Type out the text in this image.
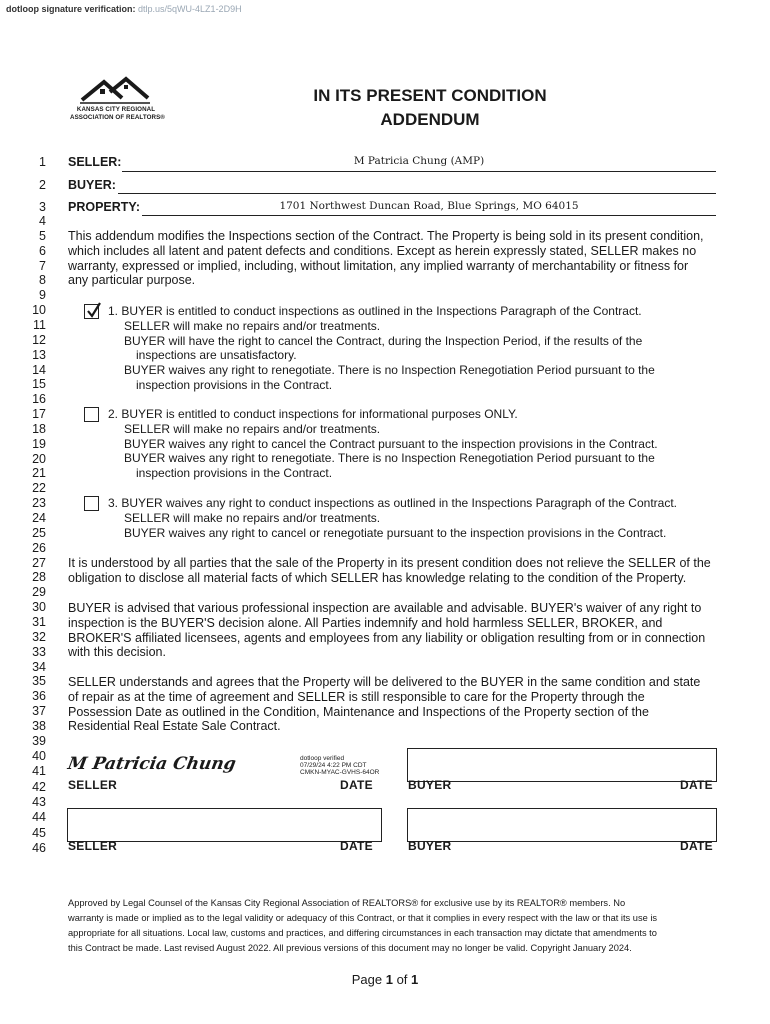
dotloop signature verification: dtlp.us/5qWU-4LZ1-2D9H
KANSAS CITY REGIONAL
ASSOCIATION OF REALTORS®
IN ITS PRESENT CONDITION
ADDENDUM
1
2
3
4
5
6
7
8
9
10
11
12
13
14
15
16
17
18
19
20
21
22
23
24
25
26
27
28
29
30
31
32
33
34
35
36
37
38
39
40
41
42
43
44
45
46
SELLER:	M Patricia Chung (AMP)
BUYER:
PROPERTY:	1701 Northwest Duncan Road, Blue Springs, MO 64015
This addendum modifies the Inspections section of the Contract. The Property is being sold in its present condition,
which includes all latent and patent defects and conditions. Except as herein expressly stated, SELLER makes no
warranty, expressed or implied, including, without limitation, any implied warranty of merchantability or fitness for
any particular purpose.
1. BUYER is entitled to conduct inspections as outlined in the Inspections Paragraph of the Contract.
SELLER will make no repairs and/or treatments.
BUYER will have the right to cancel the Contract, during the Inspection Period, if the results of the
inspections are unsatisfactory.
BUYER waives any right to renegotiate. There is no Inspection Renegotiation Period pursuant to the
inspection provisions in the Contract.
2. BUYER is entitled to conduct inspections for informational purposes ONLY.
SELLER will make no repairs and/or treatments.
BUYER waives any right to cancel the Contract pursuant to the inspection provisions in the Contract.
BUYER waives any right to renegotiate. There is no Inspection Renegotiation Period pursuant to the
inspection provisions in the Contract.
3. BUYER waives any right to conduct inspections as outlined in the Inspections Paragraph of the Contract.
SELLER will make no repairs and/or treatments.
BUYER waives any right to cancel or renegotiate pursuant to the inspection provisions in the Contract.
It is understood by all parties that the sale of the Property in its present condition does not relieve the SELLER of the
obligation to disclose all material facts of which SELLER has knowledge relating to the condition of the Property.
BUYER is advised that various professional inspection are available and advisable. BUYER's waiver of any right to
inspection is the BUYER'S decision alone. All Parties indemnify and hold harmless SELLER, BROKER, and
BROKER'S affiliated licensees, agents and employees from any liability or obligation resulting from or in connection
with this decision.
SELLER understands and agrees that the Property will be delivered to the BUYER in the same condition and state
of repair as at the time of agreement and SELLER is still responsible to care for the Property through the
Possession Date as outlined in the Condition, Maintenance and Inspections of the Property section of the
Residential Real Estate Sale Contract.
M Patricia Chung	dotloop verified
07/29/24 4:22 PM CDT
CMKN-MYAC-GVHS-64OR
SELLER	DATE	BUYER	DATE
SELLER	DATE	BUYER	DATE
Approved by Legal Counsel of the Kansas City Regional Association of REALTORS® for exclusive use by its REALTOR® members. No
warranty is made or implied as to the legal validity or adequacy of this Contract, or that it complies in every respect with the law or that its use is
appropriate for all situations. Local law, customs and practices, and differing circumstances in each transaction may dictate that amendments to
this Contract be made. Last revised August 2022. All previous versions of this document may no longer be valid. Copyright January 2024.
Page 1 of 1
